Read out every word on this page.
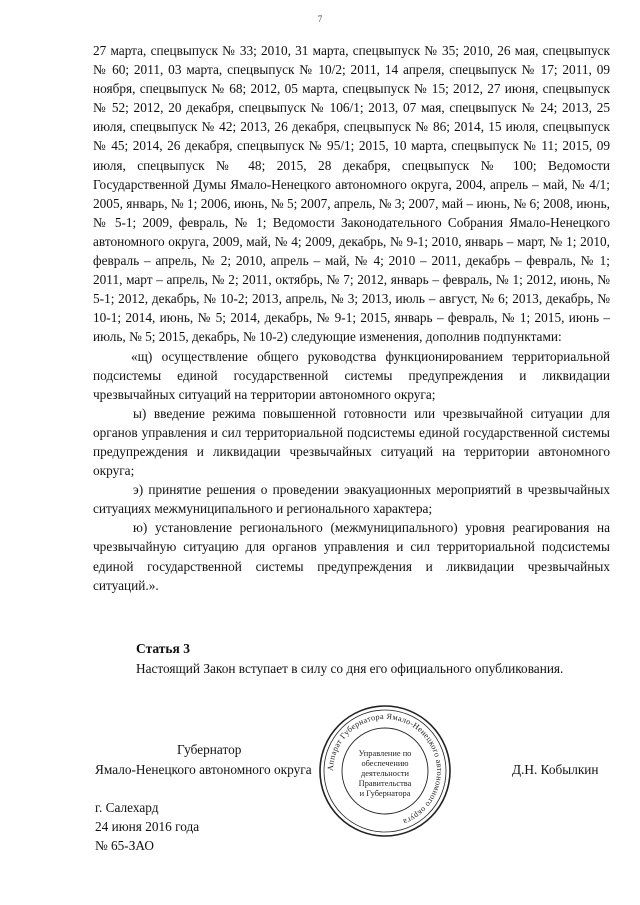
7

27 марта, спецвыпуск № 33; 2010, 31 марта, спецвыпуск № 35; 2010, 26 мая, спецвыпуск № 60; 2011, 03 марта, спецвыпуск № 10/2; 2011, 14 апреля, спецвыпуск № 17; 2011, 09 ноября, спецвыпуск № 68; 2012, 05 марта, спецвыпуск № 15; 2012, 27 июня, спецвыпуск № 52; 2012, 20 декабря, спецвыпуск № 106/1; 2013, 07 мая, спецвыпуск № 24; 2013, 25 июля, спецвыпуск № 42; 2013, 26 декабря, спецвыпуск № 86; 2014, 15 июля, спецвыпуск № 45; 2014, 26 декабря, спецвыпуск № 95/1; 2015, 10 марта, спецвыпуск № 11; 2015, 09 июля, спецвыпуск № 48; 2015, 28 декабря, спецвыпуск № 100; Ведомости Государственной Думы Ямало-Ненецкого автономного округа, 2004, апрель – май, № 4/1; 2005, январь, № 1; 2006, июнь, № 5; 2007, апрель, № 3; 2007, май – июнь, № 6; 2008, июнь, № 5-1; 2009, февраль, № 1; Ведомости Законодательного Собрания Ямало-Ненецкого автономного округа, 2009, май, № 4; 2009, декабрь, № 9-1; 2010, январь – март, № 1; 2010, февраль – апрель, № 2; 2010, апрель – май, № 4; 2010 – 2011, декабрь – февраль, № 1; 2011, март – апрель, № 2; 2011, октябрь, № 7; 2012, январь – февраль, № 1; 2012, июнь, № 5-1; 2012, декабрь, № 10-2; 2013, апрель, № 3; 2013, июль – август, № 6; 2013, декабрь, № 10-1; 2014, июнь, № 5; 2014, декабрь, № 9-1; 2015, январь – февраль, № 1; 2015, июнь – июль, № 5; 2015, декабрь, № 10-2) следующие изменения, дополнив подпунктами:

«щ) осуществление общего руководства функционированием территориальной подсистемы единой государственной системы предупреждения и ликвидации чрезвычайных ситуаций на территории автономного округа;

ы) введение режима повышенной готовности или чрезвычайной ситуации для органов управления и сил территориальной подсистемы единой государственной системы предупреждения и ликвидации чрезвычайных ситуаций на территории автономного округа;

э) принятие решения о проведении эвакуационных мероприятий в чрезвычайных ситуациях межмуниципального и регионального характера;

ю) установление регионального (межмуниципального) уровня реагирования на чрезвычайную ситуацию для органов управления и сил территориальной подсистемы единой государственной системы предупреждения и ликвидации чрезвычайных ситуаций.».

Статья 3

Настоящий Закон вступает в силу со дня его официального опубликования.

Губернатор
Ямало-Ненецкого автономного округа	Д.Н. Кобылкин
г. Салехард
24 июня 2016 года
№ 65-ЗАО
Аппарат Губернатора Ямало-Ненецкого автономного округа
Управление по
обеспечению
деятельности
Правительства
и Губернатора
